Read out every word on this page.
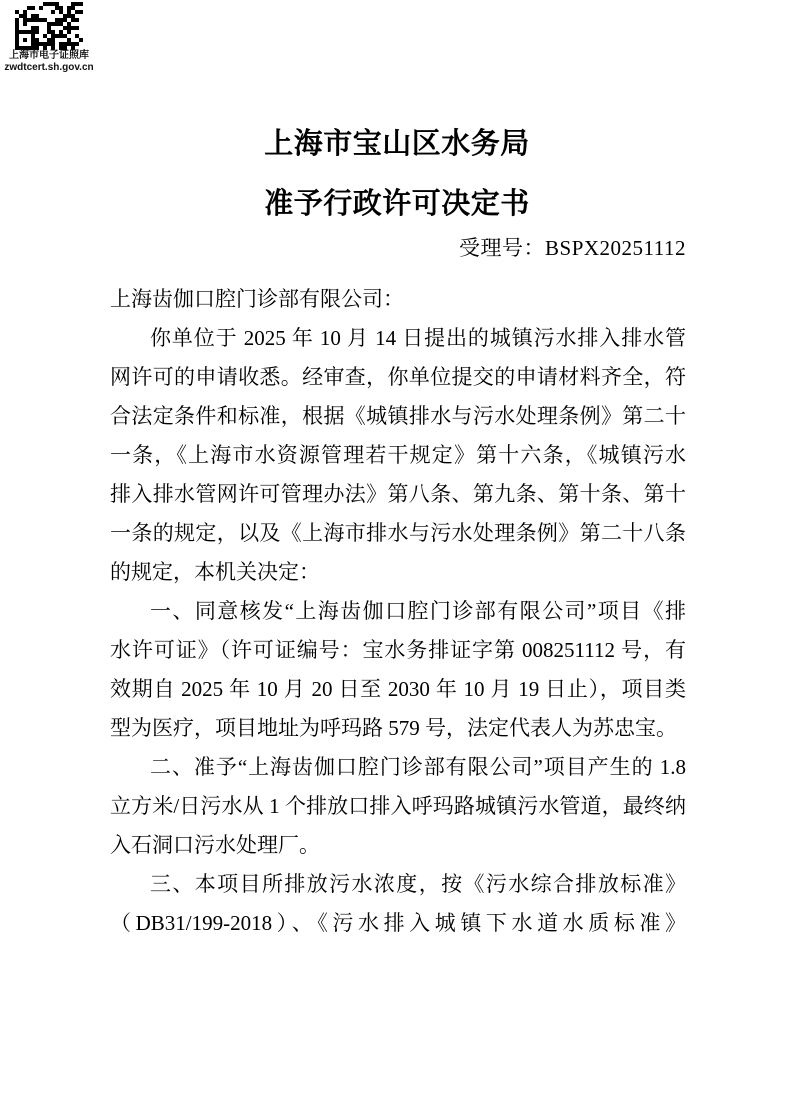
上海市电子证照库
zwdtcert.sh.gov.cn
上海市宝山区水务局
准予行政许可决定书
受理号：BSPX20251112
上海齿伽口腔门诊部有限公司：
你单位于 2025 年 10 月 14 日提出的城镇污水排入排水管
网许可的申请收悉。经审查，你单位提交的申请材料齐全，符
合法定条件和标准，根据《城镇排水与污水处理条例》第二十
一条，《上海市水资源管理若干规定》第十六条，《城镇污水
排入排水管网许可管理办法》第八条、第九条、第十条、第十
一条的规定，以及《上海市排水与污水处理条例》第二十八条
的规定，本机关决定：
一、同意核发“上海齿伽口腔门诊部有限公司”项目《排
水许可证》（许可证编号：宝水务排证字第 008251112 号，有
效期自 2025 年 10 月 20 日至 2030 年 10 月 19 日止），项目类
型为医疗，项目地址为呼玛路 579 号，法定代表人为苏忠宝。
二、准予“上海齿伽口腔门诊部有限公司”项目产生的 1.8
立方米/日污水从 1 个排放口排入呼玛路城镇污水管道，最终纳
入石洞口污水处理厂。
三、本项目所排放污水浓度，按《污水综合排放标准》
（DB31/199-2018）、《污水排入城镇下水道水质标准》
